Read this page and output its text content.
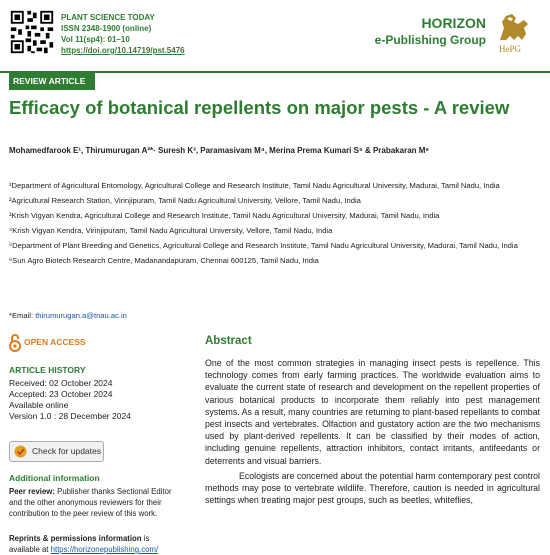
PLANT SCIENCE TODAY
ISSN 2348-1900 (online)
Vol 11(sp4): 01–10
https://doi.org/10.14719/pst.5476
HORIZON
e-Publishing Group
HePG
REVIEW ARTICLE
Efficacy of botanical repellents on major pests - A review
Mohamedfarook E¹, Thirumurugan A²*· Suresh K³, Paramasivam M⁴, Merina Prema Kumari S⁵ & Prabakaran M⁶
¹Department of Agricultural Entomology, Agricultural College and Research Institute, Tamil Nadu Agricultural University, Madurai, Tamil Nadu, India
²Agricultural Research Station, Virinjipuram, Tamil Nadu Agricultural University, Vellore, Tamil Nadu, India
³Krish Vigyan Kendra, Agricultural College and Research Institute, Tamil Nadu Agricultural University, Madurai, Tamil Nadu, India
⁴Krish Vigyan Kendra, Virinjipuram, Tamil Nadu Agricultural University, Vellore, Tamil Nadu, India
⁵Department of Plant Breeding and Genetics, Agricultural College and Research Institute, Tamil Nadu Agricultural University, Madurai, Tamil Nadu, India
⁶Sun Agro Biotech Research Centre, Madanandapuram, Chennai 600125, Tamil Nadu, India
*Email: thirumurugan.a@tnau.ac.in
OPEN ACCESS
ARTICLE HISTORY
Received: 02 October 2024
Accepted: 23 October 2024
Available online
Version 1.0 : 28 December 2024
Check for updates
Additional information
Peer review: Publisher thanks Sectional Editor and the other anonymous reviewers for their contribution to the peer review of this work.
Reprints & permissions information is available at https://horizonepublishing.com/
Abstract

One of the most common strategies in managing insect pests is repellence. This technology comes from early farming practices. The worldwide evaluation aims to evaluate the current state of research and development on the repellent properties of various botanical products to incorporate them reliably into pest management systems. As a result, many countries are returning to plant-based repellants to combat pest insects and vertebrates. Olfaction and gustatory action are the two mechanisms used by plant-derived repellents. It can be classified by their modes of action, including genuine repellents, attraction inhibitors, contact irritants, antifeedants or deterrents and visual barriers.

Ecologists are concerned about the potential harm contemporary pest control methods may pose to vertebrate wildlife. Therefore, caution is needed in agricultural settings when treating major pest groups, such as beetles, whiteflies,
